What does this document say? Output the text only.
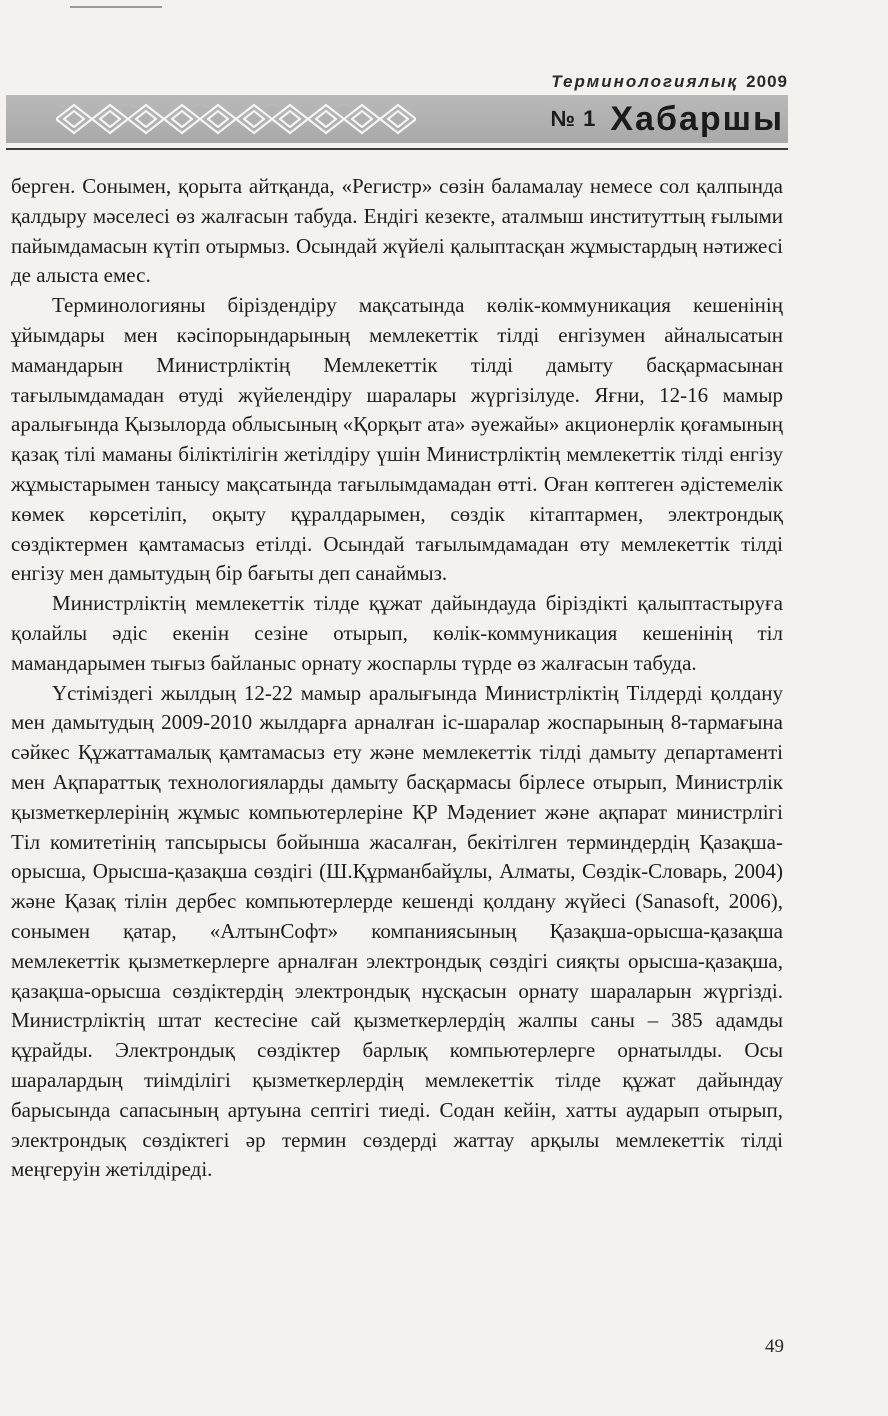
Терминологиялық 2009
№ 1 Хабаршы

берген. Сонымен, қорыта айтқанда, «Регистр» сөзін баламалау немесе сол қалпында қалдыру мәселесі өз жалғасын табуда. Ендігі кезекте, аталмыш институттың ғылыми пайымдамасын күтіп отырмыз. Осындай жүйелі қалыптасқан жұмыстардың нәтижесі де алыста емес.

Терминологияны біріздендіру мақсатында көлік-коммуникация кешенінің ұйымдары мен кәсіпорындарының мемлекеттік тілді енгізумен айналысатын мамандарын Министрліктің Мемлекеттік тілді дамыту басқармасынан тағылымдамадан өтуді жүйелендіру шаралары жүргізілуде. Яғни, 12-16 мамыр аралығында Қызылорда облысының «Қорқыт ата» әуежайы» акционерлік қоғамының қазақ тілі маманы біліктілігін жетілдіру үшін Министрліктің мемлекеттік тілді енгізу жұмыстарымен танысу мақсатында тағылымдамадан өтті. Оған көптеген әдістемелік көмек көрсетіліп, оқыту құралдарымен, сөздік кітаптармен, электрондық сөздіктермен қамтамасыз етілді. Осындай тағылымдамадан өту мемлекеттік тілді енгізу мен дамытудың бір бағыты деп санаймыз.

Министрліктің мемлекеттік тілде құжат дайындауда біріздікті қалыптастыруға қолайлы әдіс екенін сезіне отырып, көлік-коммуникация кешенінің тіл мамандарымен тығыз байланыс орнату жоспарлы түрде өз жалғасын табуда.

Үстіміздегі жылдың 12-22 мамыр аралығында Министрліктің Тілдерді қолдану мен дамытудың 2009-2010 жылдарға арналған іс-шаралар жоспарының 8-тармағына сәйкес Құжаттамалық қамтамасыз ету және мемлекеттік тілді дамыту департаменті мен Ақпараттық технологияларды дамыту басқармасы бірлесе отырып, Министрлік қызметкерлерінің жұмыс компьютерлеріне ҚР Мәдениет және ақпарат министрлігі Тіл комитетінің тапсырысы бойынша жасалған, бекітілген терминдердің Қазақша-орысша, Орысша-қазақша сөздігі (Ш.Құрманбайұлы, Алматы, Сөздік-Словарь, 2004) және Қазақ тілін дербес компьютерлерде кешенді қолдану жүйесі (Sanasoft, 2006), сонымен қатар, «АлтынСофт» компаниясының Қазақша-орысша-қазақша мемлекеттік қызметкерлерге арналған электрондық сөздігі сияқты орысша-қазақша, қазақша-орысша сөздіктердің электрондық нұсқасын орнату шараларын жүргізді. Министрліктің штат кестесіне сай қызметкерлердің жалпы саны – 385 адамды құрайды. Электрондық сөздіктер барлық компьютерлерге орнатылды. Осы шаралардың тиімділігі қызметкерлердің мемлекеттік тілде құжат дайындау барысында сапасының артуына септігі тиеді. Содан кейін, хатты аударып отырып, электрондық сөздіктегі әр термин сөздерді жаттау арқылы мемлекеттік тілді меңгеруін жетілдіреді.

49
